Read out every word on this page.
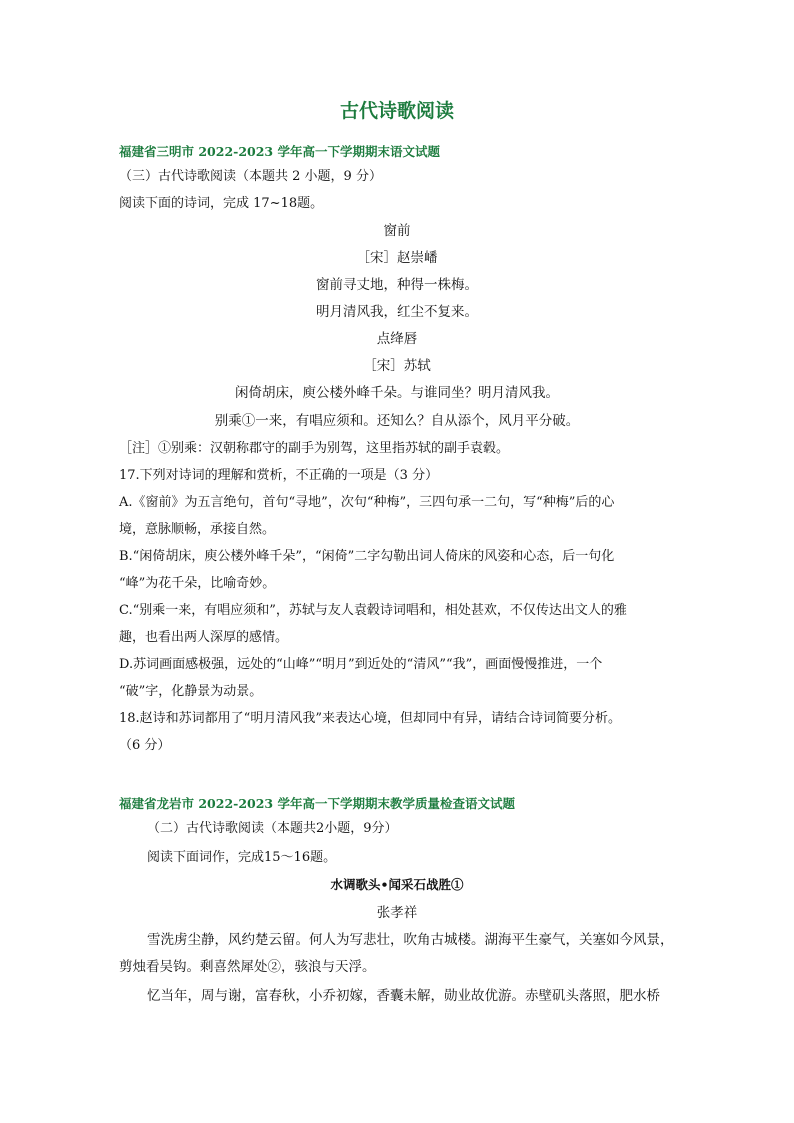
古代诗歌阅读
福建省三明市 2022-2023 学年高一下学期期末语文试题
（三）古代诗歌阅读（本题共 2 小题，9 分）
阅读下面的诗词，完成 17~18题。
窗前
［宋］赵崇嶓
窗前寻丈地，种得一株梅。
明月清风我，红尘不复来。
点绛唇
［宋］苏轼
闲倚胡床，庾公楼外峰千朵。与谁同坐？明月清风我。
别乘①一来，有唱应须和。还知么？自从添个，风月平分破。
［注］①别乘：汉朝称郡守的副手为别驾，这里指苏轼的副手袁毂。
17.下列对诗词的理解和赏析，不正确的一项是（3 分）
A.《窗前》为五言绝句，首句“寻地”，次句“种梅”，三四句承一二句，写“种梅”后的心
境，意脉顺畅，承接自然。
B.“闲倚胡床，庾公楼外峰千朵”，“闲倚”二字勾勒出词人倚床的风姿和心态，后一句化
“峰”为花千朵，比喻奇妙。
C.“别乘一来，有唱应须和”，苏轼与友人袁毂诗词唱和，相处甚欢，不仅传达出文人的雅
趣，也看出两人深厚的感情。
D.苏词画面感极强，远处的“山峰”“明月”到近处的“清风”“我”，画面慢慢推进，一个
“破”字，化静景为动景。
18.赵诗和苏词都用了“明月清风我”来表达心境，但却同中有异，请结合诗词简要分析。
（6 分）
福建省龙岩市 2022-2023 学年高一下学期期末教学质量检查语文试题
（二）古代诗歌阅读（本题共2小题，9分）
阅读下面词作，完成15～16题。
水调歌头•闻采石战胜①
张孝祥
雪洗虏尘静，风约楚云留。何人为写悲壮，吹角古城楼。湖海平生豪气，关塞如今风景，
剪烛看吴钩。剩喜然犀处②，骇浪与天浮。
忆当年，周与谢，富春秋，小乔初嫁，香囊未解，勋业故优游。赤壁矶头落照，肥水桥
